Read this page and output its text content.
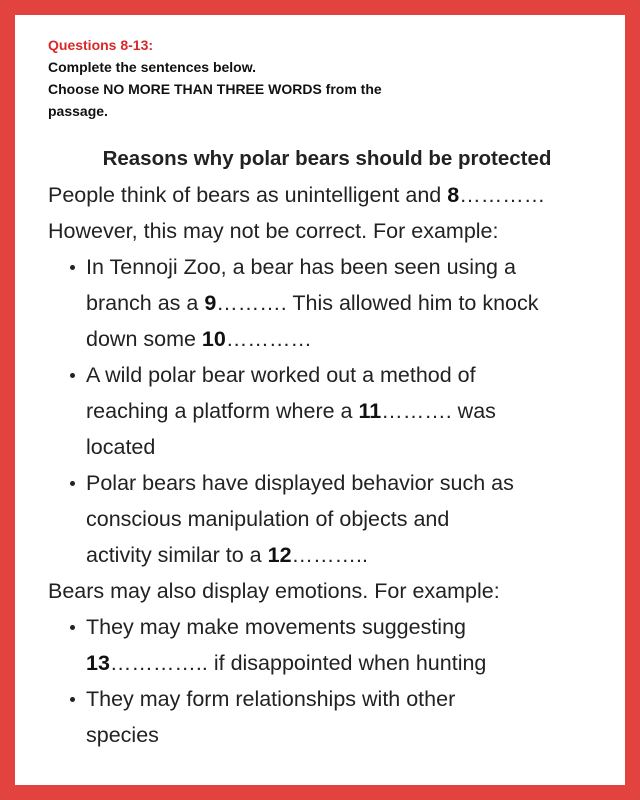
Questions 8-13:

Complete the sentences below.

Choose NO MORE THAN THREE WORDS from the

passage.

Reasons why polar bears should be protected
People think of bears as unintelligent and 8…………
However, this may not be correct. For example:
In Tennoji Zoo, a bear has been seen using a
branch as a 9………. This allowed him to knock
down some 10…………
A wild polar bear worked out a method of
reaching a platform where a 11………. was
located
Polar bears have displayed behavior such as
conscious manipulation of objects and
activity similar to a 12………..
Bears may also display emotions. For example:
They may make movements suggesting
13………….. if disappointed when hunting
They may form relationships with other
species
